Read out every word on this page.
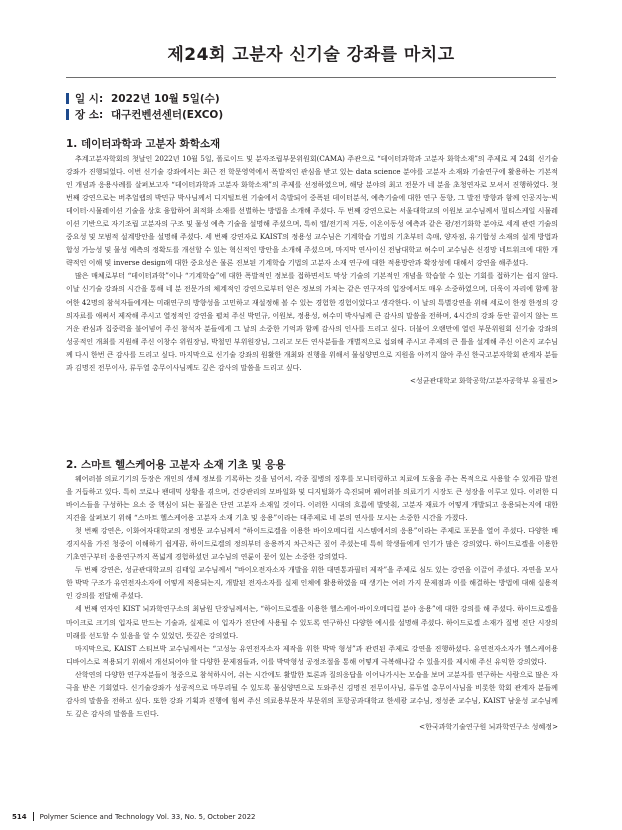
제24회 고분자 신기술 강좌를 마치고
일 시: 2022년 10월 5일(수)
장 소: 대구컨벤션센터(EXCO)
1. 데이터과학과 고분자 화학소재

추계고분자학회의 첫날인 2022년 10월 5일, 폴로이드 및 분자조립부문위원회(CAMA) 주관으로 “데이터과학과 고분자 화학소재”의 주제로 제 24회 신기술 강좌가 진행되었다. 이번 신기술 강좌에서는 최근 전 학문영역에서 폭발적인 관심을 받고 있는 data science 분야를 고분자 소재와 기술연구에 활용하는 기본적인 개념과 응용사례를 살펴보고자 “데이터과학과 고분자 화학소재”의 주제를 선정하였으며, 해당 분야의 최고 전문가 네 분을 초청연자로 모셔서 진행하였다. 첫 번째 강연으로는 버추얼랩의 박민규 박사님께서 디지털트윈 기술에서 촉발되어 중폭된 데이터분석, 예측기술에 대한 연구 동향, 그 발전 방향과 함께 인공지능·빅데이터·시뮬레이션 기술을 상호 융합하여 최적화 소재를 선별하는 방법을 소개해 주셨다. 두 번째 강연으로는 서울대학교의 이원보 교수님께서 멀티스케일 시뮬레이션 기반으로 자기조립 고분자의 구조 및 물성 예측 기술을 설명해 주셨으며, 특히 엘/전기적 거동, 이온이동성 예측과 같은 광/전기화학 분야로 세계 관련 기술의 중요성 및 모범적 설계방안을 설명해 주셨다. 세 번째 강연자로 KAIST의 정용성 교수님은 기계학습 기법의 기초부터 촉매, 양자점, 유기합성 소재의 설계 방법과 합성 가능성 및 물성 예측의 정확도를 개선할 수 있는 혁신적인 방안을 소개해 주셨으며, 마지막 연사이신 전남대학교 허수미 교수님은 신경망 네트워크에 대한 개략적인 이해 및 inverse design에 대한 중요성은 물론 진보된 기계학습 기법의 고분자 소재 연구에 대한 적용방안과 확장성에 대해서 강연을 해주셨다.

많은 매체로부터 “데이터과학”이나 “기계학습”에 대한 폭발적인 정보를 접하면서도 막상 기술의 기본적인 개념을 학습할 수 있는 기회를 접하기는 쉽지 않다. 이날 신기술 강좌의 시간을 통해 네 분 전문가의 체계적인 강연으로부터 얻은 정보의 가치는 같은 연구자의 입장에서도 매우 소중하였으며, 더욱이 자리에 함께 참여한 42명의 참석자들에게는 미래연구의 방향성을 고민하고 재설정해 볼 수 있는 경험한 경험이었다고 생각한다. 이 날의 특별강연을 위해 세로이 한정 한정의 강의자료를 애써서 제작해 주시고 열정적인 강연을 펼쳐 주신 박민규, 이원보, 정용성, 허수미 박사님께 큰 감사의 말씀을 전하며, 4시간의 강좌 동안 끝이지 않는 뜨거운 관심과 집중력을 불어넣어 주신 참석자 분들에게 그 날의 소중한 기억과 함께 감사의 인사를 드리고 싶다. 더불어 오랜만에 열린 부문위원회 신기술 강좌의 성공적인 개최를 지원해 주신 이창수 위원장님, 박철민 부위원장님, 그리고 모든 연사분들을 개별적으로 섭외해 주시고 주제의 큰 틀을 설계해 주신 이은지 교수님께 다시 한번 큰 감사를 드리고 싶다. 마지막으로 신기술 강좌의 원활한 개최와 진행을 위해서 물심양면으로 지원을 아끼지 않아 주신 한국고분자학회 관계자 분들과 김명진 전무이사, 류두열 총무이사님께도 깊은 감사의 말씀을 드리고 싶다.

<성균관대학교 화학공학/고분자공학부 유필진>

2. 스마트 헬스케어용 고분자 소재 기초 및 응용

웨어러블 의료기기의 등장은 개인의 생체 정보를 기록하는 것을 넘어서, 각종 질병의 징후를 모니터링하고 치료에 도움을 주는 목적으로 사용할 수 있게끔 발전을 거듭하고 있다. 특히 코로나 팬데믹 상황을 겪으며, 건강관리의 모바일화 및 디지털화가 촉진되며 웨어러블 의료기기 시장도 큰 성장을 이루고 있다. 이러한 디바이스들을 구성하는 요소 중 핵심이 되는 물질은 단연 고분자 소재일 것이다. 이러한 시대의 흐름에 발맞춰, 고분자 재료가 어떻게 개발되고 응용되는지에 대한 지견을 살펴보기 위해 “스마트 헬스케어용 고분자 소재 기초 및 응용”이라는 대주제로 네 분의 연사를 모시는 소중한 시간을 가졌다.

첫 번째 강연은, 이화여자대학교의 정병문 교수님께서 “하이드로겔을 이용한 바이오메디컬 시스템에서의 응용”이라는 주제로 포문을 열어 주셨다. 다양한 배경지식을 가진 청중이 이해하기 쉽게끔, 하이드로겔의 정의부터 응용까지 차근차근 짚어 주셨는데 특히 학생들에게 인기가 많은 강의였다. 하이드로겔을 이용한 기초연구부터 응용연구까지 폭넓게 경험하셨던 교수님의 연륜이 묻어 있는 소중한 강의였다.

두 번째 강연은, 성균관대학교의 김태일 교수님께서 “바이오전자소자 개발을 위한 대면통과필터 제작”을 주제로 심도 있는 강연을 이끌어 주셨다. 자연을 모사한 박막 구조가 유연전자소자에 어떻게 적용되는지, 개발된 전자소자를 실제 인체에 활용하였을 때 생기는 여러 가지 문제점과 이를 해결하는 방법에 대해 실용적인 강의를 전달해 주셨다.

세 번째 연자인 KIST 뇌과학연구소의 최남원 단장님께서는, “하이드로겔을 이용한 헬스케어-바이오메디컬 분야 응용”에 대한 강의를 해 주셨다. 하이드로겔을 마이크로 크기의 입자로 만드는 기술과, 실제로 이 입자가 진단에 사용될 수 있도록 연구하신 다양한 예시를 설명해 주셨다. 하이드로겔 소재가 질병 진단 시장의 미래를 선도할 수 있음을 알 수 있었던, 뜻깊은 강의였다.

마지막으로, KAIST 스티브박 교수님께서는 “고성능 유연전자소자 제작을 위한 박막 형성”과 관련된 주제로 강연을 진행하셨다. 유연전자소자가 헬스케어용 디바이스로 적용되기 위해서 개선되어야 할 다양한 문제점들과, 이를 박막형성 공정조절을 통해 어떻게 극복해나갈 수 있을지를 제시해 주신 유익한 강의였다.

산학연의 다양한 연구자분들이 청중으로 참석하시어, 쉬는 시간에도 활발한 토론과 질의응답을 이어나가시는 모습을 보며 고분자를 연구하는 사람으로 많은 자극을 받은 기회였다. 신기술강좌가 성공적으로 마무리될 수 있도록 물심양면으로 도와주신 김명진 전무이사님, 류두열 총무이사님을 비롯한 학회 관계자 분들께 감사의 말씀을 전하고 싶다. 또한 강좌 기획과 진행에 힘써 주신 의료용부문자 부문위의 포항공과대학교 한세광 교수님, 정성준 교수님, KAIST 남윤성 교수님께도 깊은 감사의 말씀을 드린다.

<한국과학기술연구원 뇌과학연구소 성혜정>

514 Polymer Science and Technology Vol. 33, No. 5, October 2022
